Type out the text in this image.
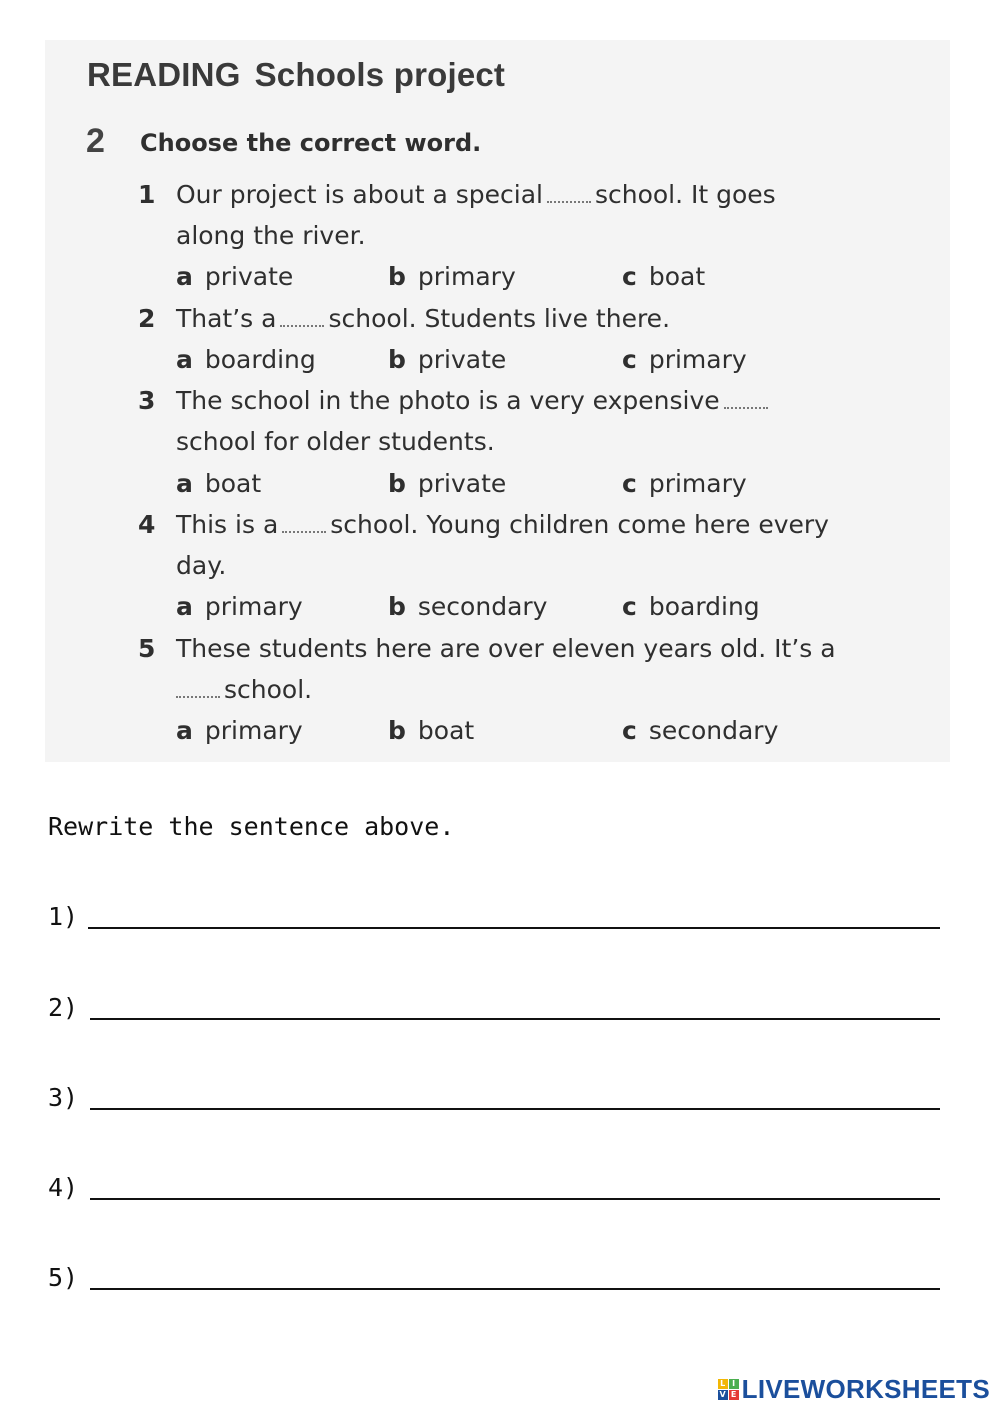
READING Schools project
2 Choose the correct word.
1 Our project is about a special school. It goes
along the river.
a private	b primary	c boat
2 That’s a school. Students live there.
a boarding	b private	c primary
3 The school in the photo is a very expensive
school for older students.
a boat	b private	c primary
4 This is a school. Young children come here every
day.
a primary	b secondary	c boarding
5 These students here are over eleven years old. It’s a
school.
a primary	b boat	c secondary
Rewrite the sentence above.
1)
2)
3)
4)
5)
L I
V E LIVEWORKSHEETS
